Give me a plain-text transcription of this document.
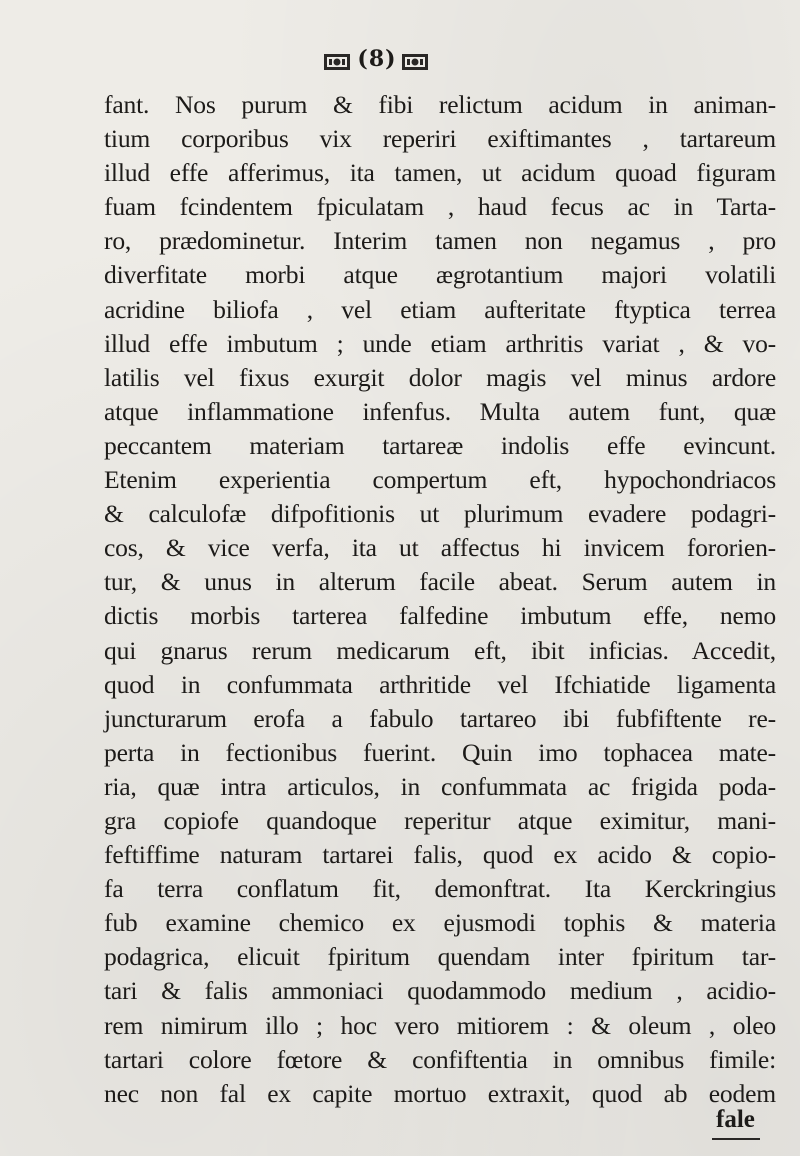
(8)
fant. Nos purum & fibi relictum acidum in animan-
tium corporibus vix reperiri exiftimantes , tartareum
illud effe afferimus, ita tamen, ut acidum quoad figuram
fuam fcindentem fpiculatam , haud fecus ac in Tarta-
ro, prædominetur. Interim tamen non negamus , pro
diverfitate morbi atque ægrotantium majori volatili
acridine biliofa , vel etiam aufteritate ftyptica terrea
illud effe imbutum ; unde etiam arthritis variat , & vo-
latilis vel fixus exurgit dolor magis vel minus ardore
atque inflammatione infenfus. Multa autem funt, quæ
peccantem materiam tartareæ indolis effe evincunt.
Etenim experientia compertum eft, hypochondriacos
& calculofæ difpofitionis ut plurimum evadere podagri-
cos, & vice verfa, ita ut affectus hi invicem fororien-
tur, & unus in alterum facile abeat. Serum autem in
dictis morbis tarterea falfedine imbutum effe, nemo
qui gnarus rerum medicarum eft, ibit inficias. Accedit,
quod in confummata arthritide vel Ifchiatide ligamenta
juncturarum erofa a fabulo tartareo ibi fubfiftente re-
perta in fectionibus fuerint. Quin imo tophacea mate-
ria, quæ intra articulos, in confummata ac frigida poda-
gra copiofe quandoque reperitur atque eximitur, mani-
feftiffime naturam tartarei falis, quod ex acido & copio-
fa terra conflatum fit, demonftrat. Ita Kerckringius
fub examine chemico ex ejusmodi tophis & materia
podagrica, elicuit fpiritum quendam inter fpiritum tar-
tari & falis ammoniaci quodammodo medium , acidio-
rem nimirum illo ; hoc vero mitiorem : & oleum , oleo
tartari colore fœtore & confiftentia in omnibus fimile:
nec non fal ex capite mortuo extraxit, quod ab eodem
fale
